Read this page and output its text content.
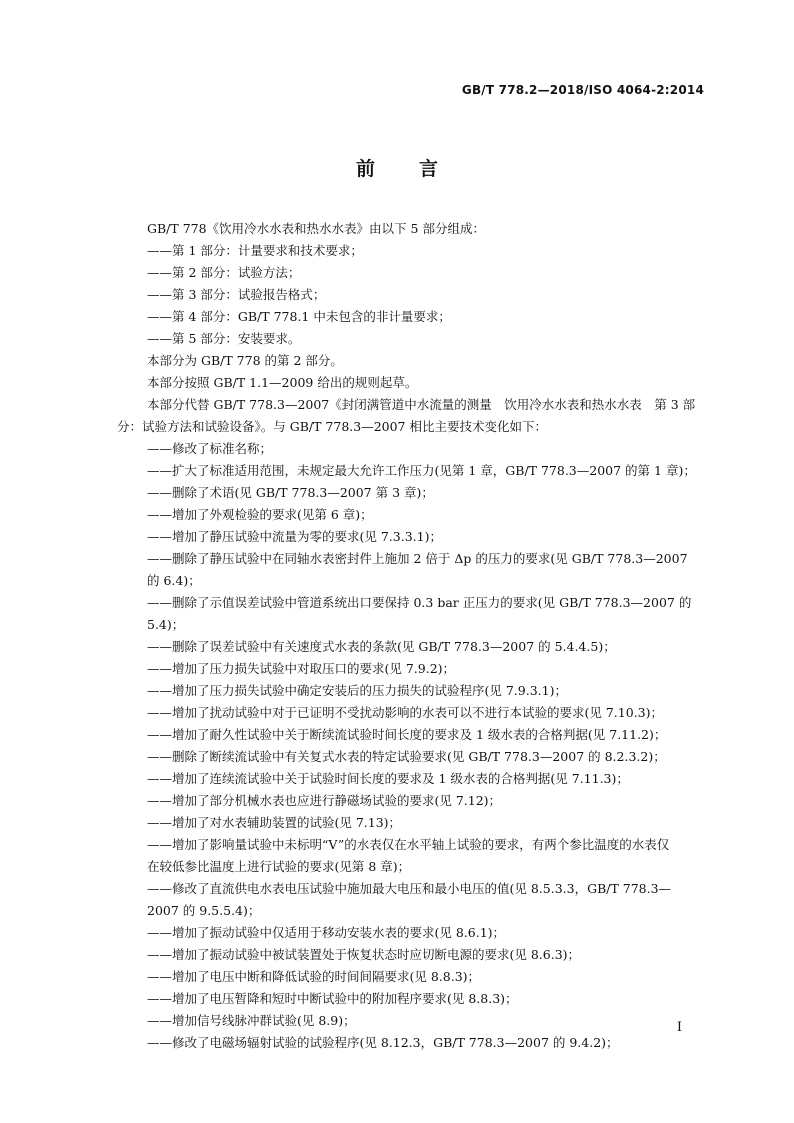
GB/T 778.2—2018/ISO 4064-2:2014
前言
GB/T 778《饮用冷水水表和热水水表》由以下 5 部分组成：
——第 1 部分：计量要求和技术要求；
——第 2 部分：试验方法；
——第 3 部分：试验报告格式；
——第 4 部分：GB/T 778.1 中未包含的非计量要求；
——第 5 部分：安装要求。
本部分为 GB/T 778 的第 2 部分。
本部分按照 GB/T 1.1—2009 给出的规则起草。
本部分代替 GB/T 778.3—2007《封闭满管道中水流量的测量　饮用冷水水表和热水水表　第 3 部
分：试验方法和试验设备》。与 GB/T 778.3—2007 相比主要技术变化如下：
——修改了标准名称；
——扩大了标准适用范围，未规定最大允许工作压力(见第 1 章，GB/T 778.3—2007 的第 1 章)；
——删除了术语(见 GB/T 778.3—2007 第 3 章)；
——增加了外观检验的要求(见第 6 章)；
——增加了静压试验中流量为零的要求(见 7.3.3.1)；
——删除了静压试验中在同轴水表密封件上施加 2 倍于 Δp 的压力的要求(见 GB/T 778.3—2007
的 6.4)；
——删除了示值误差试验中管道系统出口要保持 0.3 bar 正压力的要求(见 GB/T 778.3—2007 的
5.4)；
——删除了误差试验中有关速度式水表的条款(见 GB/T 778.3—2007 的 5.4.4.5)；
——增加了压力损失试验中对取压口的要求(见 7.9.2)；
——增加了压力损失试验中确定安装后的压力损失的试验程序(见 7.9.3.1)；
——增加了扰动试验中对于已证明不受扰动影响的水表可以不进行本试验的要求(见 7.10.3)；
——增加了耐久性试验中关于断续流试验时间长度的要求及 1 级水表的合格判据(见 7.11.2)；
——删除了断续流试验中有关复式水表的特定试验要求(见 GB/T 778.3—2007 的 8.2.3.2)；
——增加了连续流试验中关于试验时间长度的要求及 1 级水表的合格判据(见 7.11.3)；
——增加了部分机械水表也应进行静磁场试验的要求(见 7.12)；
——增加了对水表辅助装置的试验(见 7.13)；
——增加了影响量试验中未标明“V”的水表仅在水平轴上试验的要求，有两个参比温度的水表仅
在较低参比温度上进行试验的要求(见第 8 章)；
——修改了直流供电水表电压试验中施加最大电压和最小电压的值(见 8.5.3.3，GB/T 778.3—
2007 的 9.5.5.4)；
——增加了振动试验中仅适用于移动安装水表的要求(见 8.6.1)；
——增加了振动试验中被试装置处于恢复状态时应切断电源的要求(见 8.6.3)；
——增加了电压中断和降低试验的时间间隔要求(见 8.8.3)；
——增加了电压暂降和短时中断试验中的附加程序要求(见 8.8.3)；
——增加信号线脉冲群试验(见 8.9)；
——修改了电磁场辐射试验的试验程序(见 8.12.3，GB/T 778.3—2007 的 9.4.2)；
I
